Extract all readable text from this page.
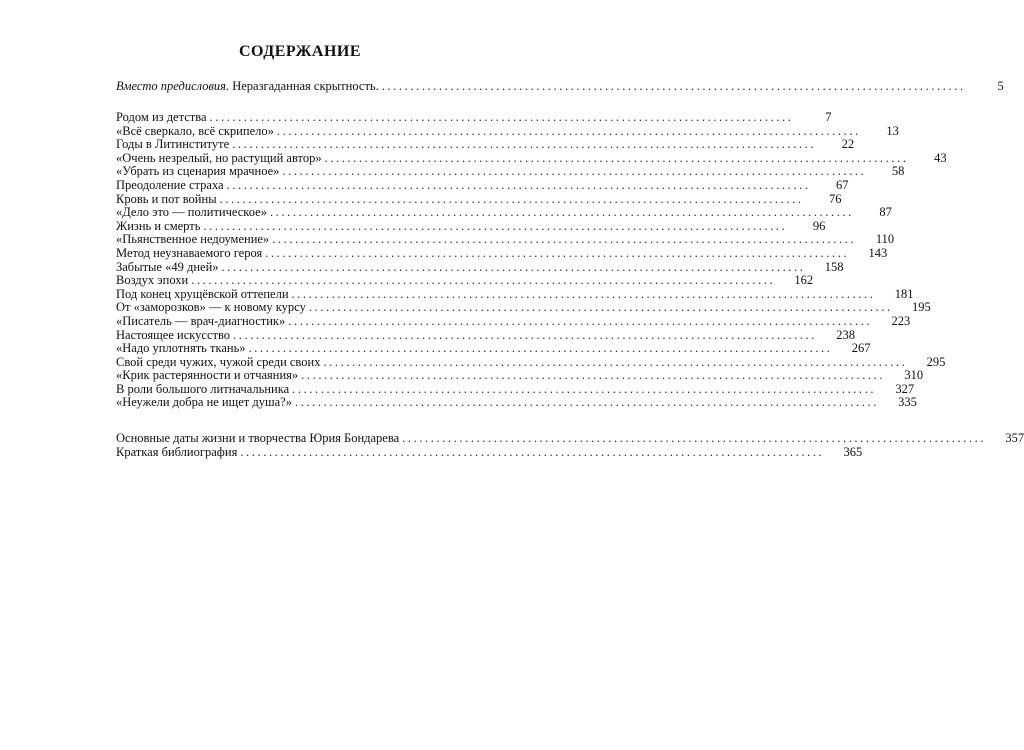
СОДЕРЖАНИЕ
Вместо предисловия. Неразгаданная скрытность. ......................................................................................................	5
Родом из детства ......................................................................................................	7
«Всё сверкало, всё скрипело» ......................................................................................................	13
Годы в Литинституте ......................................................................................................	22
«Очень незрелый, но растущий автор» ......................................................................................................	43
«Убрать из сценария мрачное» ......................................................................................................	58
Преодоление страха ......................................................................................................	67
Кровь и пот войны ......................................................................................................	76
«Дело это — политическое» ......................................................................................................	87
Жизнь и смерть ......................................................................................................	96
«Пьянственное недоумение» ......................................................................................................	110
Метод неузнаваемого героя ......................................................................................................	143
Забытые «49 дней» ......................................................................................................	158
Воздух эпохи ......................................................................................................	162
Под конец хрущёвской оттепели ......................................................................................................	181
От «заморозков» — к новому курсу ......................................................................................................	195
«Писатель — врач-диагностик» ......................................................................................................	223
Настоящее искусство ......................................................................................................	238
«Надо уплотнять ткань» ......................................................................................................	267
Свой среди чужих, чужой среди своих ......................................................................................................	295
«Крик растерянности и отчаяния» ......................................................................................................	310
В роли большого литначальника ......................................................................................................	327
«Неужели добра не ищет душа?» ......................................................................................................	335
Основные даты жизни и творчества Юрия Бондарева ......................................................................................................	357
Краткая библиография ......................................................................................................	365
